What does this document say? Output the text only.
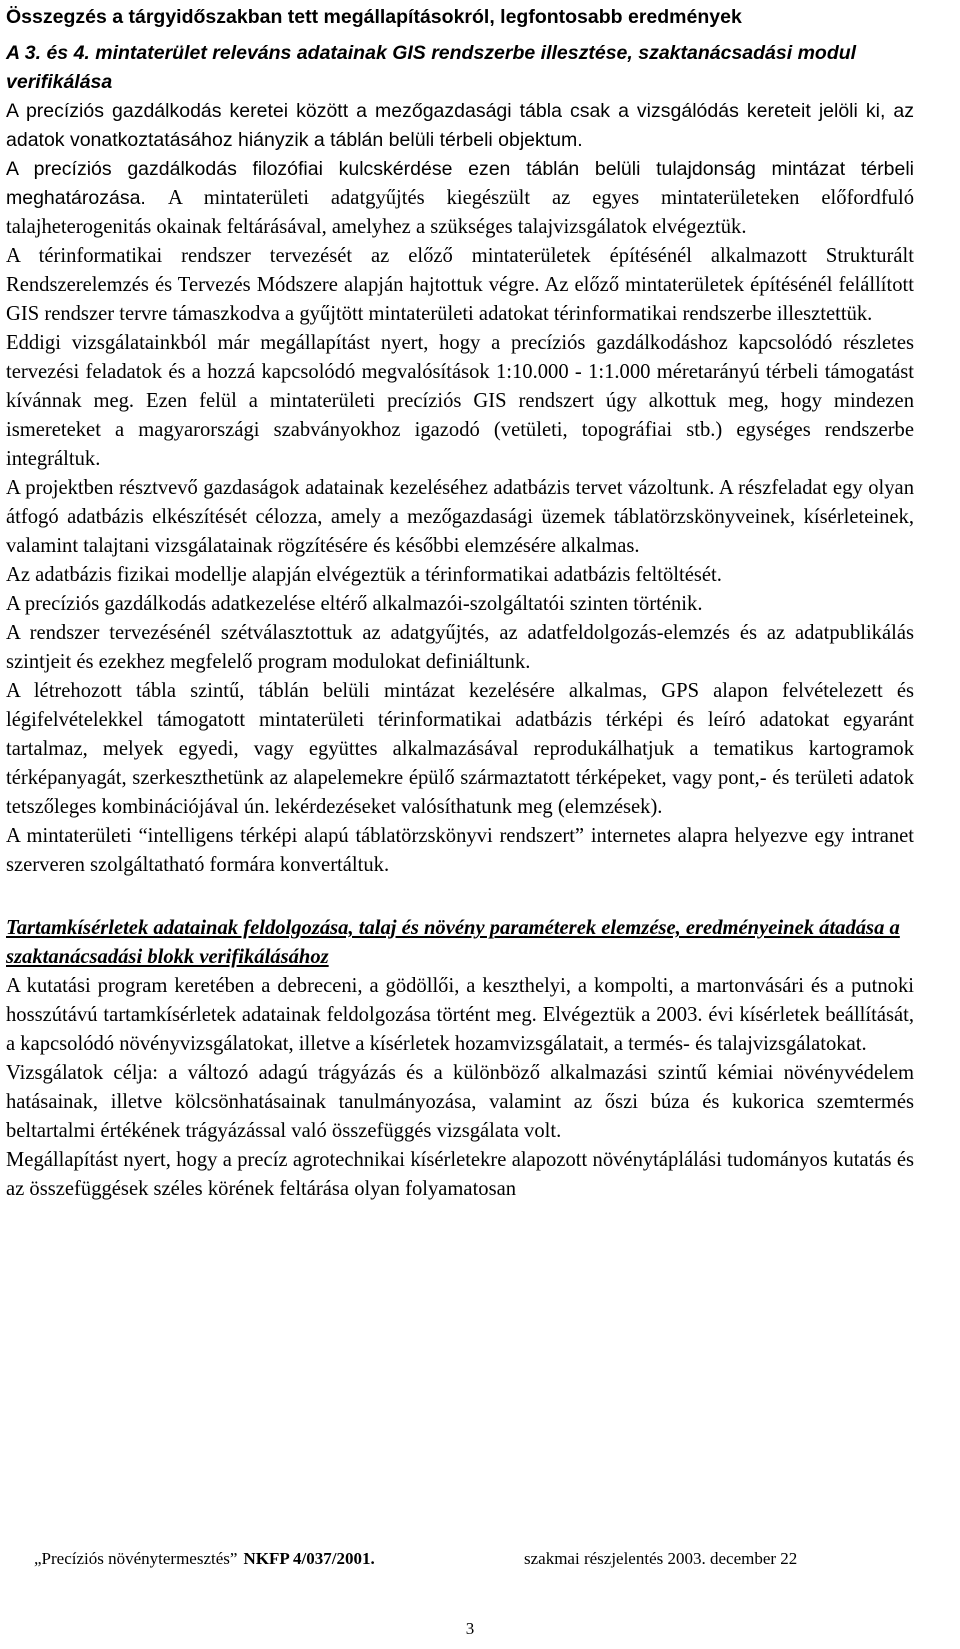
Összegzés a tárgyidőszakban tett megállapításokról, legfontosabb eredmények
A 3. és 4. mintaterület releváns adatainak GIS rendszerbe illesztése, szaktanácsadási modul verifikálása

A precíziós gazdálkodás keretei között a mezőgazdasági tábla csak a vizsgálódás kereteit jelöli ki, az adatok vonatkoztatásához hiányzik a táblán belüli térbeli objektum.

A precíziós gazdálkodás filozófiai kulcskérdése ezen táblán belüli tulajdonság mintázat térbeli meghatározása. A mintaterületi adatgyűjtés kiegészült az egyes mintaterületeken előfordfuló talajheterogenitás okainak feltárásával, amelyhez a szükséges talajvizsgálatok elvégeztük.

A térinformatikai rendszer tervezését az előző mintaterületek építésénél alkalmazott Strukturált Rendszerelemzés és Tervezés Módszere alapján hajtottuk végre. Az előző mintaterületek építésénél felállított GIS rendszer tervre támaszkodva a gyűjtött mintaterületi adatokat térinformatikai rendszerbe illesztettük.

Eddigi vizsgálatainkból már megállapítást nyert, hogy a precíziós gazdálkodáshoz kapcsolódó részletes tervezési feladatok és a hozzá kapcsolódó megvalósítások 1:10.000 - 1:1.000 méretarányú térbeli támogatást kívánnak meg. Ezen felül a mintaterületi precíziós GIS rendszert úgy alkottuk meg, hogy mindezen ismereteket a magyarországi szabványokhoz igazodó (vetületi, topográfiai stb.) egységes rendszerbe integráltuk.

A projektben résztvevő gazdaságok adatainak kezeléséhez adatbázis tervet vázoltunk. A részfeladat egy olyan átfogó adatbázis elkészítését célozza, amely a mezőgazdasági üzemek táblatörzskönyveinek, kísérleteinek, valamint talajtani vizsgálatainak rögzítésére és későbbi elemzésére alkalmas.

Az adatbázis fizikai modellje alapján elvégeztük a térinformatikai adatbázis feltöltését.

A precíziós gazdálkodás adatkezelése eltérő alkalmazói-szolgáltatói szinten történik.

A rendszer tervezésénél szétválasztottuk az adatgyűjtés, az adatfeldolgozás-elemzés és az adatpublikálás szintjeit és ezekhez megfelelő program modulokat definiáltunk.

A létrehozott tábla szintű, táblán belüli mintázat kezelésére alkalmas, GPS alapon felvételezett és légifelvételekkel támogatott mintaterületi térinformatikai adatbázis térképi és leíró adatokat egyaránt tartalmaz, melyek egyedi, vagy együttes alkalmazásával reprodukálhatjuk a tematikus kartogramok térképanyagát, szerkeszthetünk az alapelemekre épülő származtatott térképeket, vagy pont,- és területi adatok tetszőleges kombinációjával ún. lekérdezéseket valósíthatunk meg (elemzések).

A mintaterületi “intelligens térképi alapú táblatörzskönyvi rendszert” internetes alapra helyezve egy intranet szerveren szolgáltatható formára konvertáltuk.

Tartamkísérletek adatainak feldolgozása, talaj és növény paraméterek elemzése, eredményeinek átadása a szaktanácsadási blokk verifikálásához

A kutatási program keretében a debreceni, a gödöllői, a keszthelyi, a kompolti, a martonvásári és a putnoki hosszútávú tartamkísérletek adatainak feldolgozása történt meg. Elvégeztük a 2003. évi kísérletek beállítását, a kapcsolódó növényvizsgálatokat, illetve a kísérletek hozamvizsgálatait, a termés- és talajvizsgálatokat.

Vizsgálatok célja: a változó adagú trágyázás és a különböző alkalmazási szintű kémiai növényvédelem hatásainak, illetve kölcsönhatásainak tanulmányozása, valamint az őszi búza és kukorica szemtermés beltartalmi értékének trágyázással való összefüggés vizsgálata volt.

Megállapítást nyert, hogy a precíz agrotechnikai kísérletekre alapozott növénytáplálási tudományos kutatás és az összefüggések széles körének feltárása olyan folyamatosan

„Precíziós növénytermesztés” NKFP 4/037/2001.	szakmai részjelentés 2003. december 22
3
